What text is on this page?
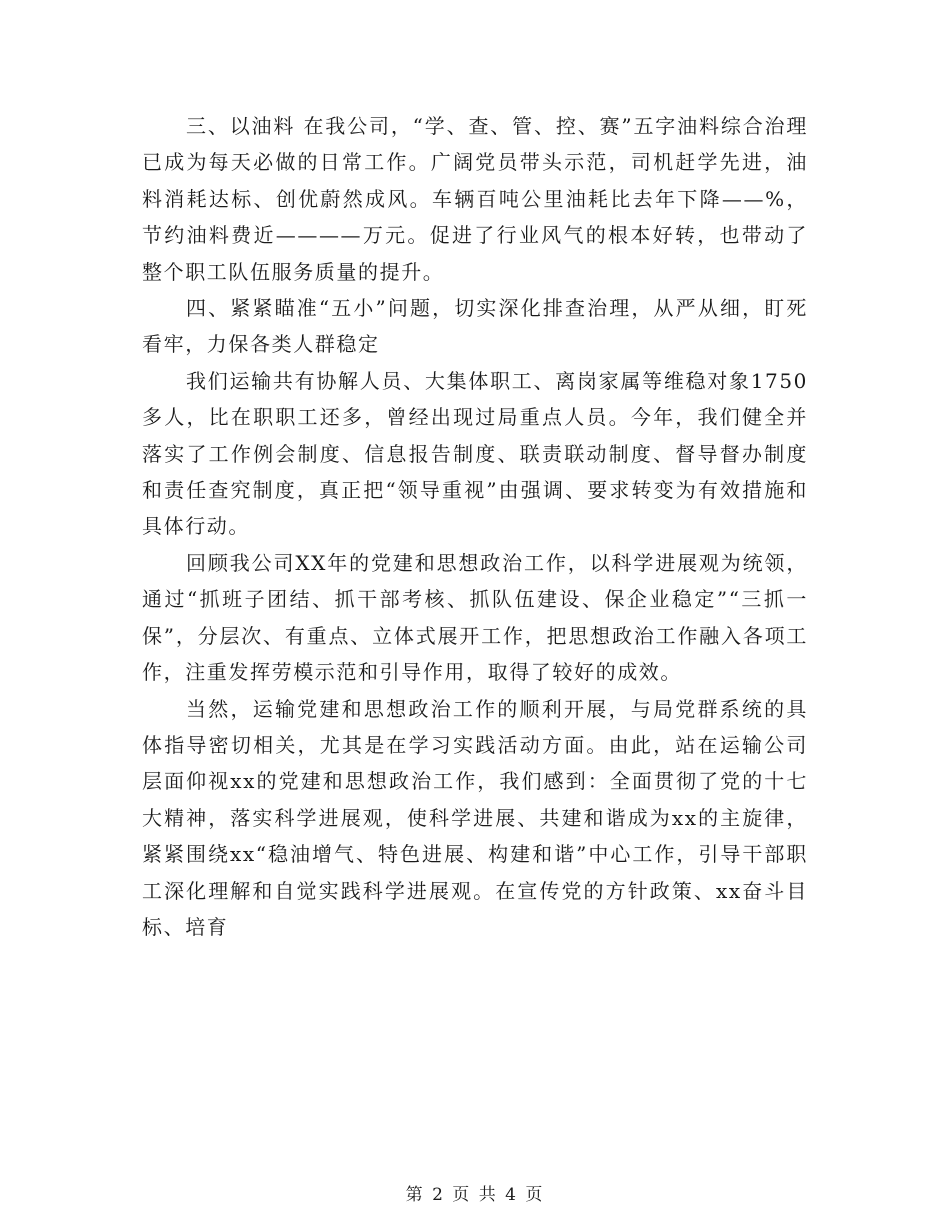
三、以油料 在我公司，“学、查、管、控、赛”五字油料综合治理已成为每天必做的日常工作。广阔党员带头示范，司机赶学先进，油料消耗达标、创优蔚然成风。车辆百吨公里油耗比去年下降——%，节约油料费近————万元。促进了行业风气的根本好转，也带动了整个职工队伍服务质量的提升。

四、紧紧瞄准“五小”问题，切实深化排查治理，从严从细，盯死看牢，力保各类人群稳定

我们运输共有协解人员、大集体职工、离岗家属等维稳对象1750多人，比在职职工还多，曾经出现过局重点人员。今年，我们健全并落实了工作例会制度、信息报告制度、联责联动制度、督导督办制度和责任查究制度，真正把“领导重视”由强调、要求转变为有效措施和具体行动。

回顾我公司XX年的党建和思想政治工作，以科学进展观为统领，通过“抓班子团结、抓干部考核、抓队伍建设、保企业稳定”“三抓一保”，分层次、有重点、立体式展开工作，把思想政治工作融入各项工作，注重发挥劳模示范和引导作用，取得了较好的成效。

当然，运输党建和思想政治工作的顺利开展，与局党群系统的具体指导密切相关，尤其是在学习实践活动方面。由此，站在运输公司层面仰视xx的党建和思想政治工作，我们感到：全面贯彻了党的十七大精神，落实科学进展观，使科学进展、共建和谐成为xx的主旋律，紧紧围绕xx“稳油增气、特色进展、构建和谐”中心工作，引导干部职工深化理解和自觉实践科学进展观。在宣传党的方针政策、xx奋斗目标、培育

第 2 页 共 4 页
